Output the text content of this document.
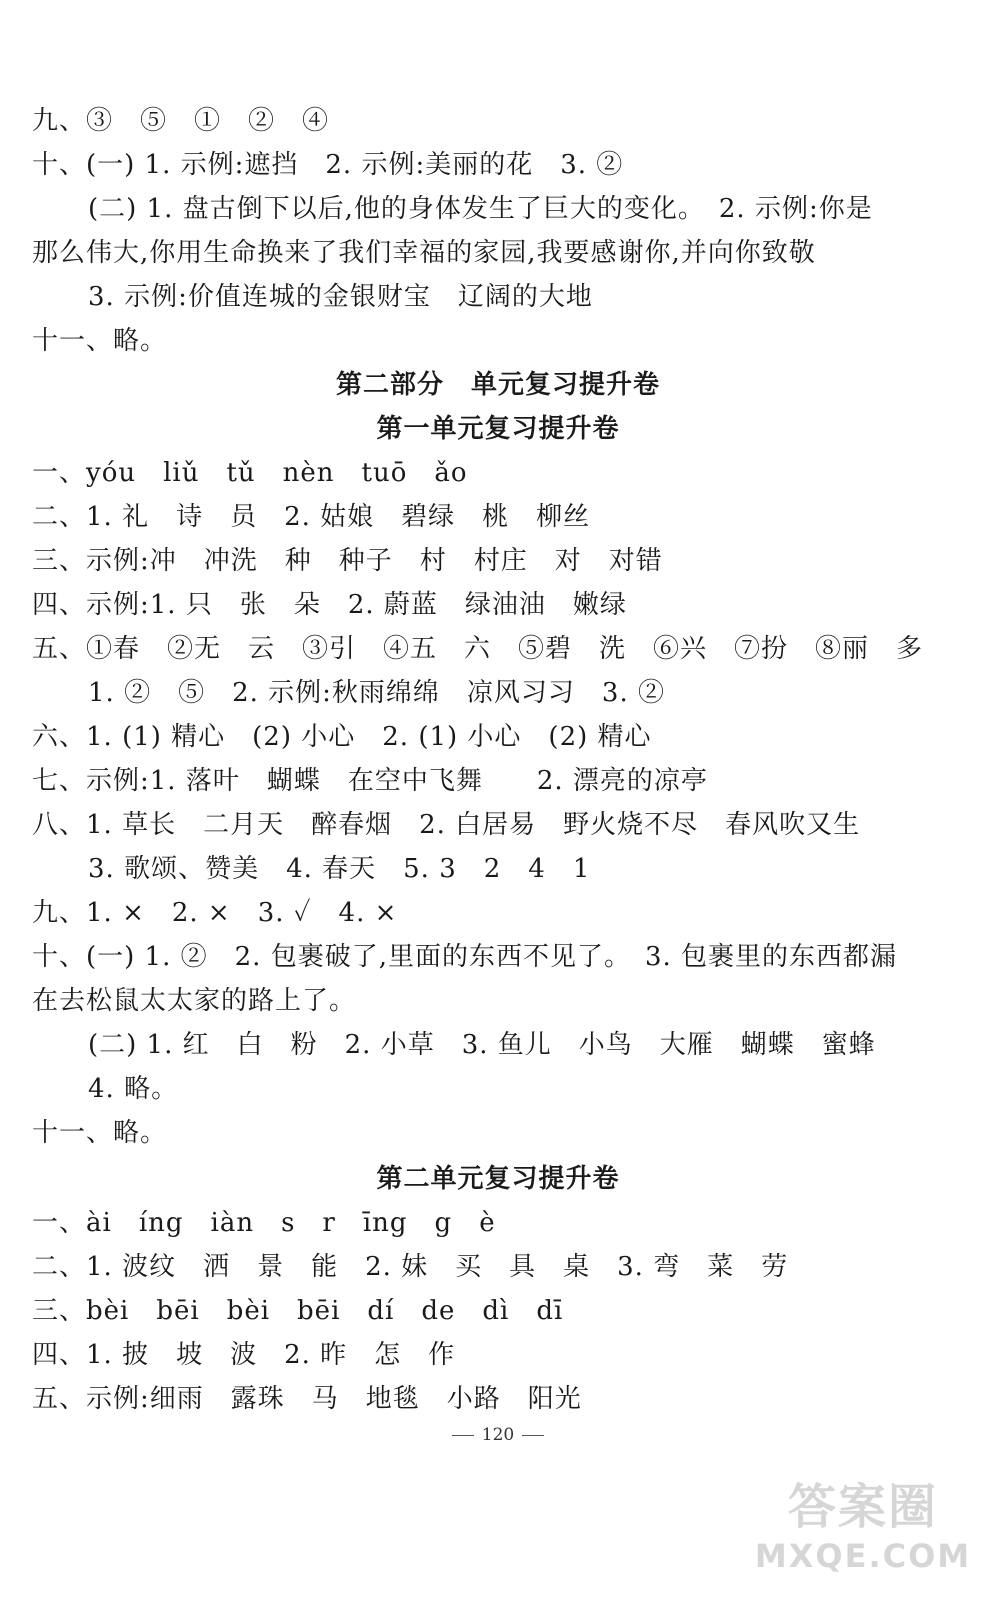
九、③　⑤　①　②　④
十、(一) 1. 示例:遮挡　2. 示例:美丽的花　3. ②
(二) 1. 盘古倒下以后,他的身体发生了巨大的变化。　2. 示例:你是
那么伟大,你用生命换来了我们幸福的家园,我要感谢你,并向你致敬
3. 示例:价值连城的金银财宝　辽阔的大地
十一、略。
第二部分　单元复习提升卷
第一单元复习提升卷
一、yóu　liǔ　tǔ　nèn　tuō　ǎo
二、1. 礼　诗　员　2. 姑娘　碧绿　桃　柳丝
三、示例:冲　冲洗　种　种子　村　村庄　对　对错
四、示例:1. 只　张　朵　2. 蔚蓝　绿油油　嫩绿
五、①春　②无　云　③引　④五　六　⑤碧　洗　⑥兴　⑦扮　⑧丽　多
1. ②　⑤　2. 示例:秋雨绵绵　凉风习习　3. ②
六、1. (1) 精心　(2) 小心　2. (1) 小心　(2) 精心
七、示例:1. 落叶　蝴蝶　在空中飞舞　　2. 漂亮的凉亭
八、1. 草长　二月天　醉春烟　2. 白居易　野火烧不尽　春风吹又生
3. 歌颂、赞美　4. 春天　5. 3　2　4　1
九、1. ×　2. ×　3. ✓　4. ×
十、(一) 1. ②　2. 包裹破了,里面的东西不见了。　3. 包裹里的东西都漏
在去松鼠太太家的路上了。
(二) 1. 红　白　粉　2. 小草　3. 鱼儿　小鸟　大雁　蝴蝶　蜜蜂
4. 略。
十一、略。
第二单元复习提升卷
一、ài　íng　iàn　s　r　īng　g　è
二、1. 波纹　洒　景　能　2. 妹　买　具　桌　3. 弯　菜　劳
三、bèi　bēi　bèi　bēi　dí　de　dì　dī
四、1. 披　坡　波　2. 昨　怎　作
五、示例:细雨　露珠　马　地毯　小路　阳光
120
答案圈
MXQE.COM
